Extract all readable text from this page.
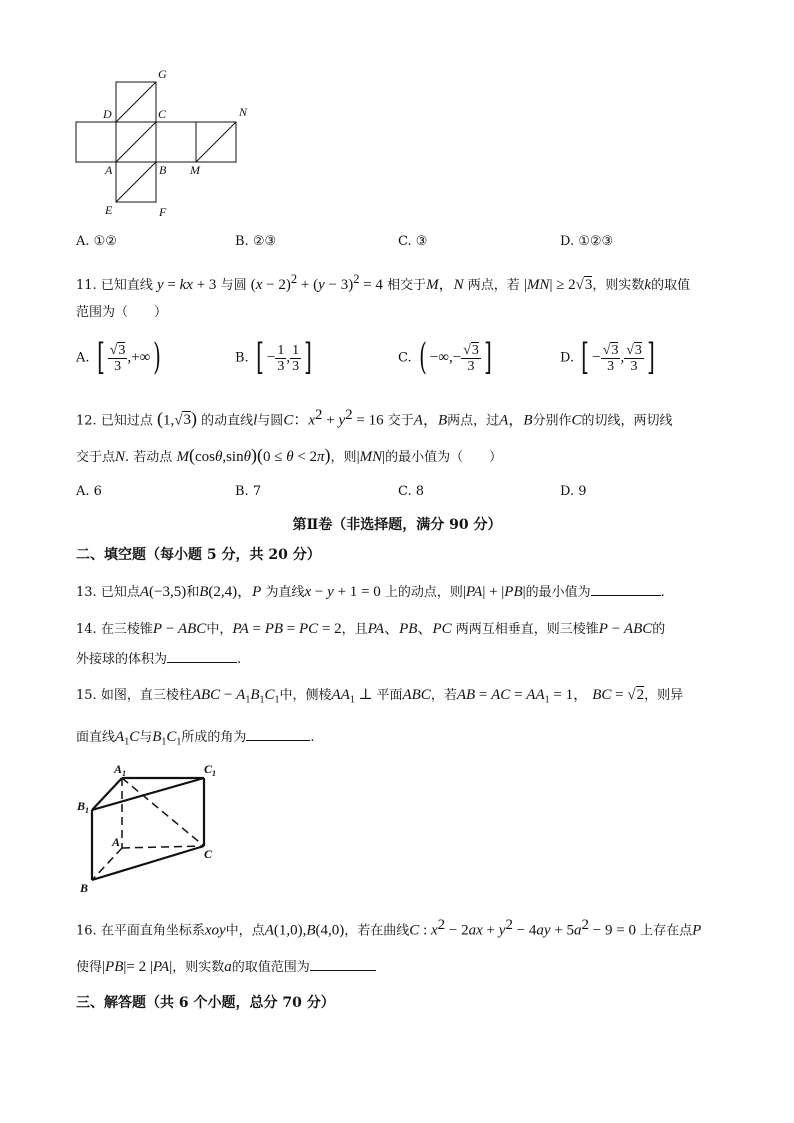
G
D	C	N
A	B M
E	F
A. ①②	B. ②③	C. ③	D. ①②③
11. 已知直线 y = kx + 3 与圆 $(x - 2)^2 + (y - 3)^2 = 4$ 相交于M，N 两点，若 |MN| ≥ 2√3，则实数k的取值
范围为（　　）
A. [ $\frac{√3}{3}$ ,+∞)	B. [ − $\frac{1}{3}$ , $\frac{1}{3}$ ]	C. ( −∞,− $\frac{√3}{3}$ ]	D. [ − $\frac{√3}{3}$ , $\frac{√3}{3}$ ]
12. 已知过点 (1,√3) 的动直线l与圆C：$x^2 + y^2 = 16$ 交于A，B两点，过A，B分别作C的切线，两切线
交于点N. 若动点 M(cosθ,sinθ)(0 ≤ θ < 2π)，则|MN|的最小值为（　　）
A. 6	B. 7	C. 8	D. 9
第Ⅱ卷（非选择题，满分 90 分）
二、填空题（每小题 5 分，共 20 分）
13. 已知点A(−3,5)和B(2,4)，P 为直线x − y + 1 = 0 上的动点，则|PA| + |PB|的最小值为	.
14. 在三棱锥P − ABC中，PA = PB = PC = 2，且PA、PB、PC 两两互相垂直，则三棱锥P − ABC的
外接球的体积为	.
15. 如图，直三棱柱ABC − $A_1B_1C_1$中，侧棱$AA_1$ ⊥ 平面ABC，若AB = AC = $AA_1 = 1$， BC = √2，则异
面直线$A_1C$与$B_1C_1$所成的角为	.
$A_1$	$C_1$
$B_1$
A
C
B
16. 在平面直角坐标系xoy中，点A(1,0),B(4,0)，若在曲线C : $x^2 - 2ax + y^2 - 4ay + 5a^2 - 9 = 0$ 上存在点P
使得|PB|= 2 |PA|，则实数a的取值范围为
三、解答题（共 6 个小题，总分 70 分）
